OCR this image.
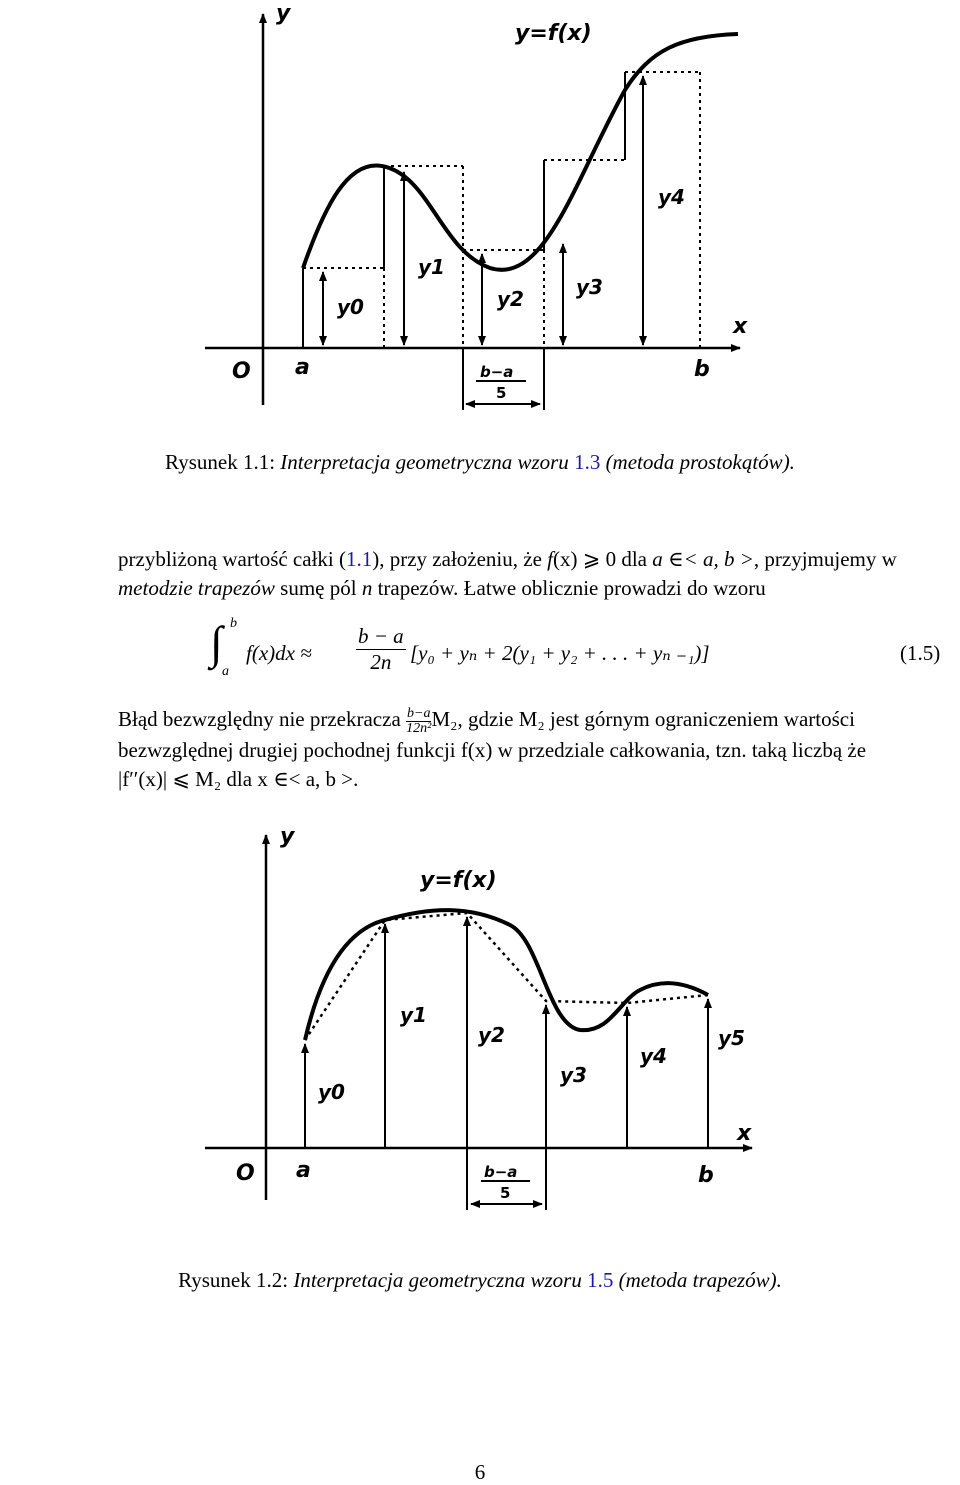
y
x
O a	b
y=f(x)
y0
y1
y2	y3
y4
b−a
5
Rysunek 1.1: Interpretacja geometryczna wzoru 1.3 (metoda prostokątów).
przybliżoną wartość całki (1.1), przy założeniu, że f(x) ⩾ 0 dla a ∈< a, b >, przyjmujemy w
metodzie trapezów sumę pól n trapezów. Łatwe oblicznie prowadzi do wzoru
∫ b
a
$f(x)dx \approx \frac{b - a}{2n} [y_0 + y_n + 2(y_1 + y_2$ + . . . + yₙ ₋₁)]	(1.5)
Błąd bezwzględny nie przekracza $\frac{b-a}{\text{12n²}}M_2$, gdzie M₂ jest górnym ograniczeniem wartości
bezwzględnej drugiej pochodnej funkcji f(x) w przedziale całkowania, tzn. taką liczbą że
|f′′(x)| ⩽ M₂ dla x ∈< a, b >.
y
x
O a	b
y=f(x)
y0
y1
y2
y3
y4
y5
b−a
5
Rysunek 1.2: Interpretacja geometryczna wzoru 1.5 (metoda trapezów).
6
